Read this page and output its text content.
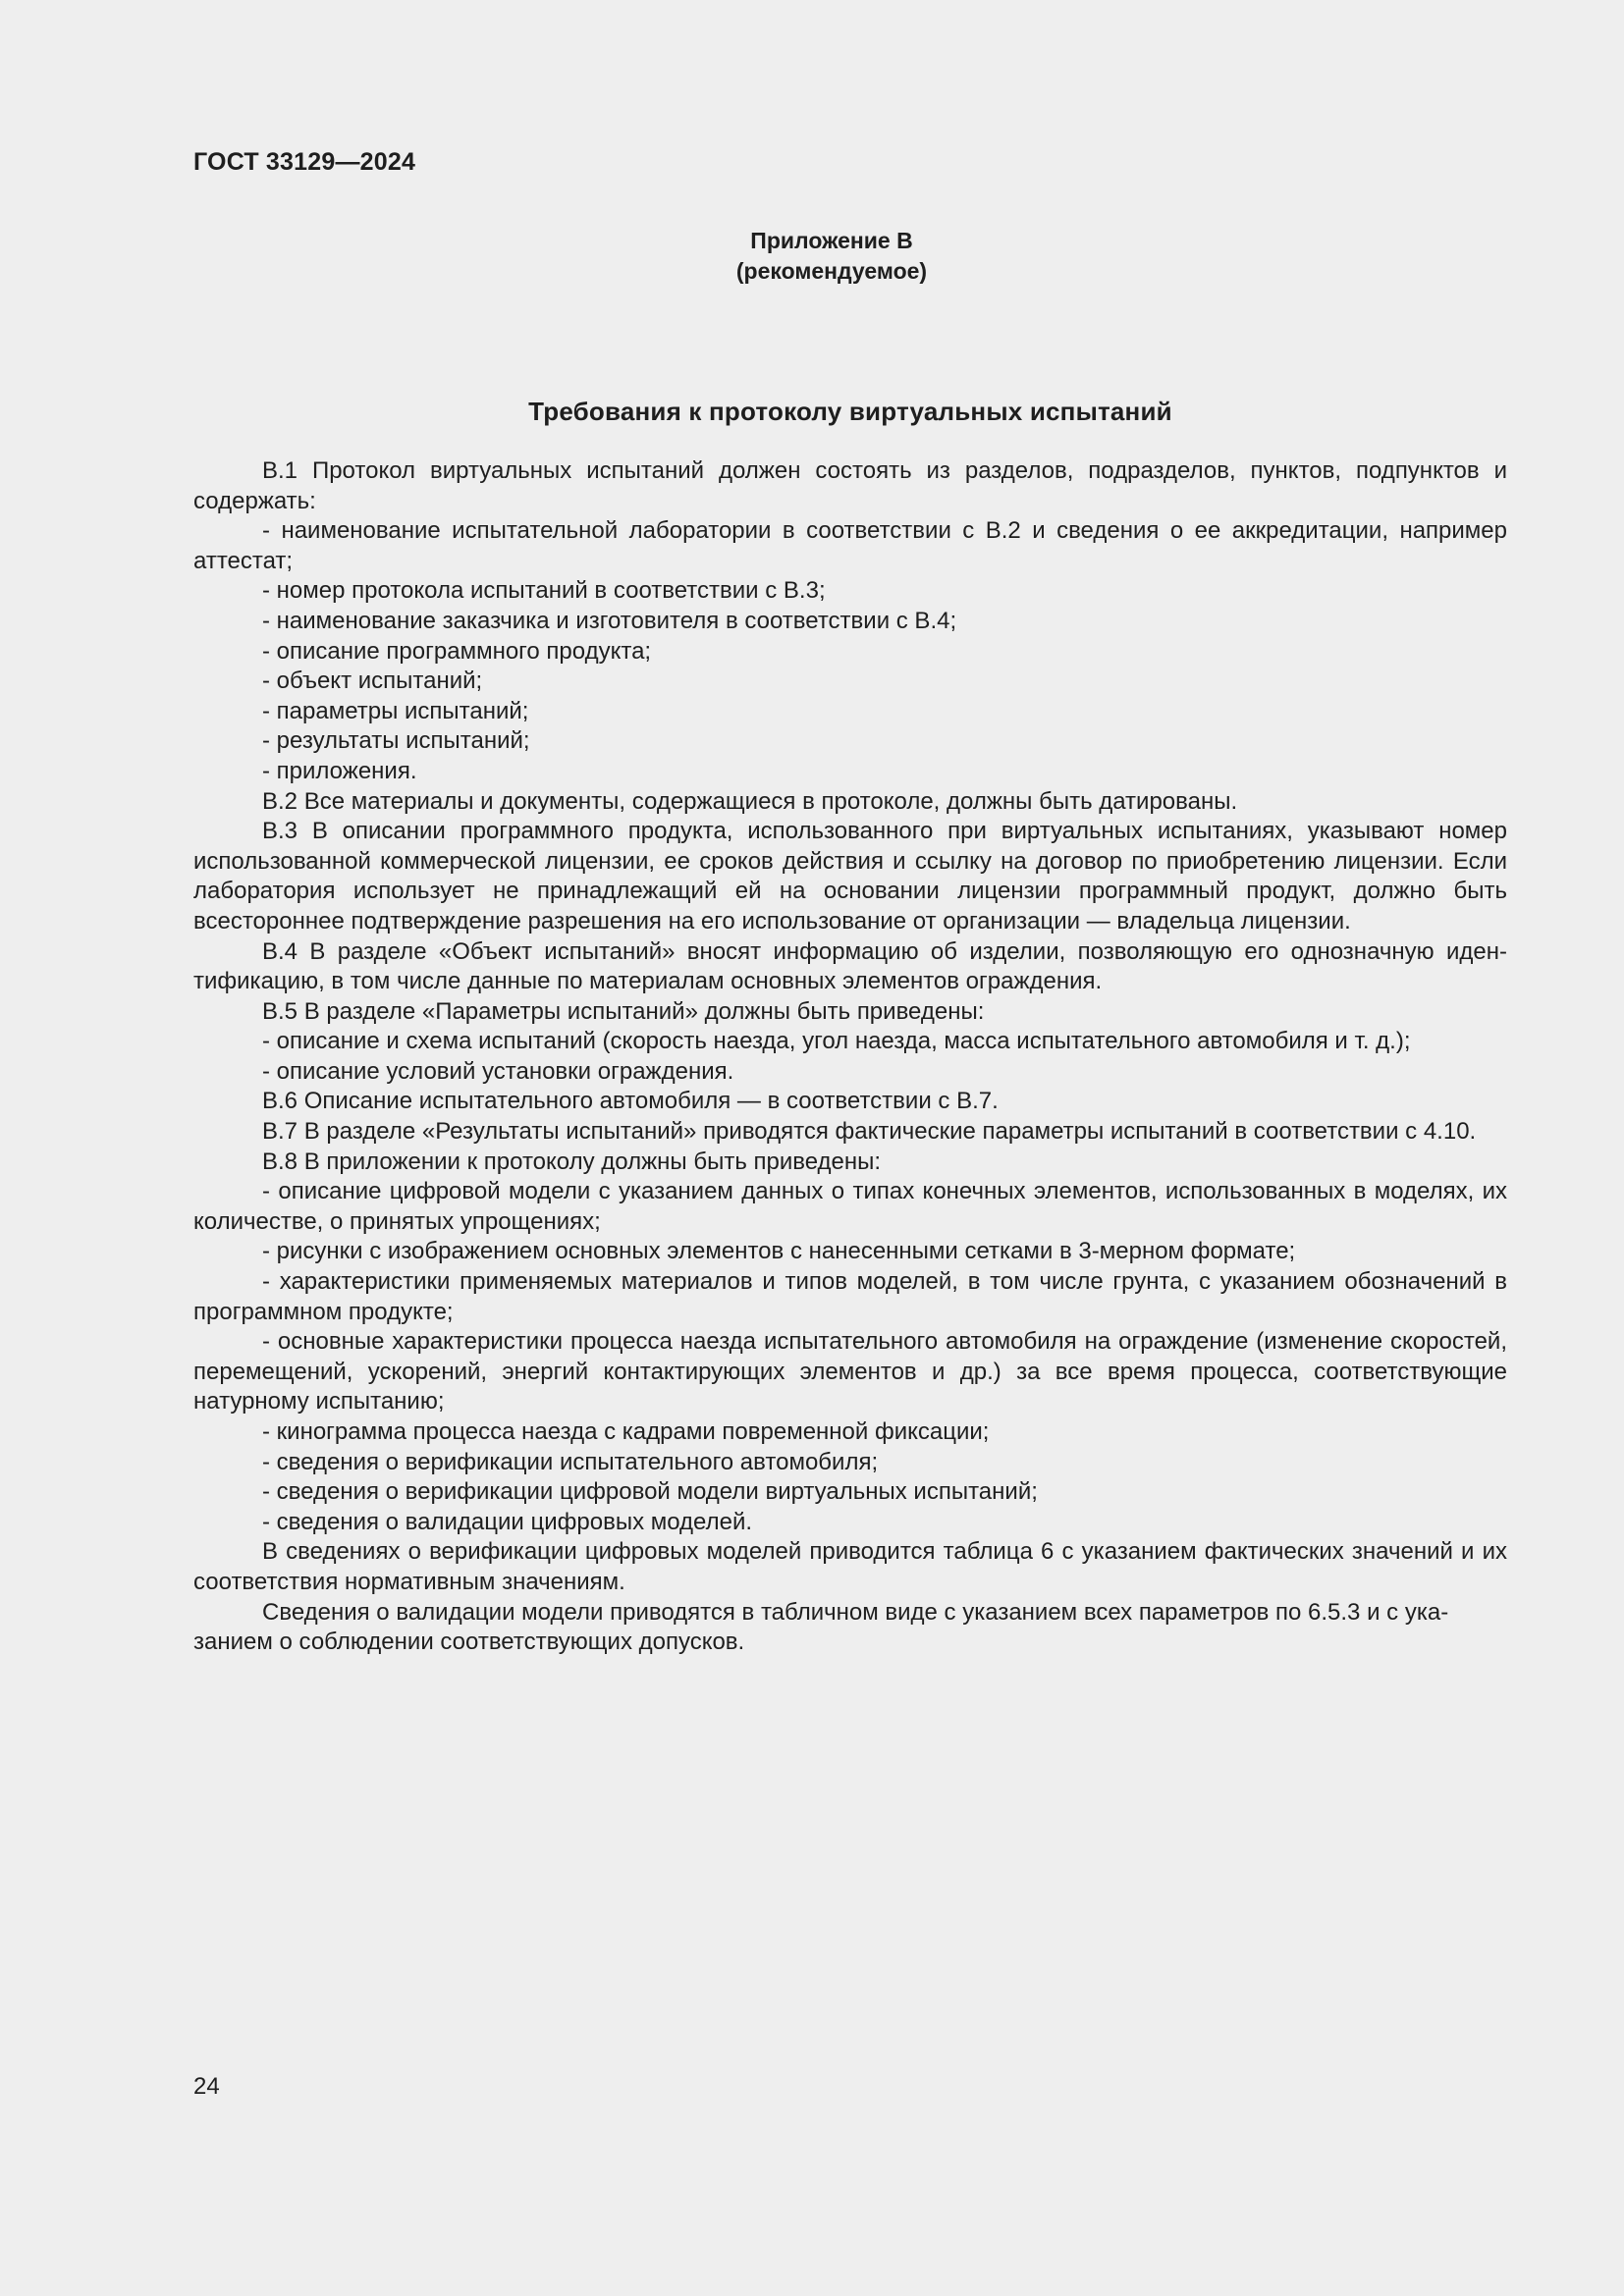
ГОСТ 33129—2024
Приложение В
(рекомендуемое)
Требования к протоколу виртуальных испытаний

В.1 Протокол виртуальных испытаний должен состоять из разделов, подразделов, пунктов, подпунктов и содержать:

- наименование испытательной лаборатории в соответствии с В.2 и сведения о ее аккредитации, например аттестат;

- номер протокола испытаний в соответствии с В.3;

- наименование заказчика и изготовителя в соответствии с В.4;

- описание программного продукта;

- объект испытаний;

- параметры испытаний;

- результаты испытаний;

- приложения.

В.2 Все материалы и документы, содержащиеся в протоколе, должны быть датированы.

В.3 В описании программного продукта, использованного при виртуальных испытаниях, указывают номер использованной коммерческой лицензии, ее сроков действия и ссылку на договор по приобретению лицензии. Если лаборатория использует не принадлежащий ей на основании лицензии программный продукт, должно быть всестороннее подтверждение разрешения на его использование от организации — владельца лицензии.

В.4 В разделе «Объект испытаний» вносят информацию об изделии, позволяющую его однозначную идентификацию, в том числе данные по материалам основных элементов ограждения.

В.5 В разделе «Параметры испытаний» должны быть приведены:

- описание и схема испытаний (скорость наезда, угол наезда, масса испытательного автомобиля и т. д.);

- описание условий установки ограждения.

В.6 Описание испытательного автомобиля — в соответствии с В.7.

В.7 В разделе «Результаты испытаний» приводятся фактические параметры испытаний в соответствии с 4.10.

В.8 В приложении к протоколу должны быть приведены:

- описание цифровой модели с указанием данных о типах конечных элементов, использованных в моделях, их количестве, о принятых упрощениях;

- рисунки с изображением основных элементов с нанесенными сетками в 3-мерном формате;

- характеристики применяемых материалов и типов моделей, в том числе грунта, с указанием обозначений в программном продукте;

- основные характеристики процесса наезда испытательного автомобиля на ограждение (изменение скоростей, перемещений, ускорений, энергий контактирующих элементов и др.) за все время процесса, соответствующие натурному испытанию;

- кинограмма процесса наезда с кадрами повременной фиксации;

- сведения о верификации испытательного автомобиля;

- сведения о верификации цифровой модели виртуальных испытаний;

- сведения о валидации цифровых моделей.

В сведениях о верификации цифровых моделей приводится таблица 6 с указанием фактических значений и их соответствия нормативным значениям.

Сведения о валидации модели приводятся в табличном виде с указанием всех параметров по 6.5.3 и с указанием о соблюдении соответствующих допусков.

24
